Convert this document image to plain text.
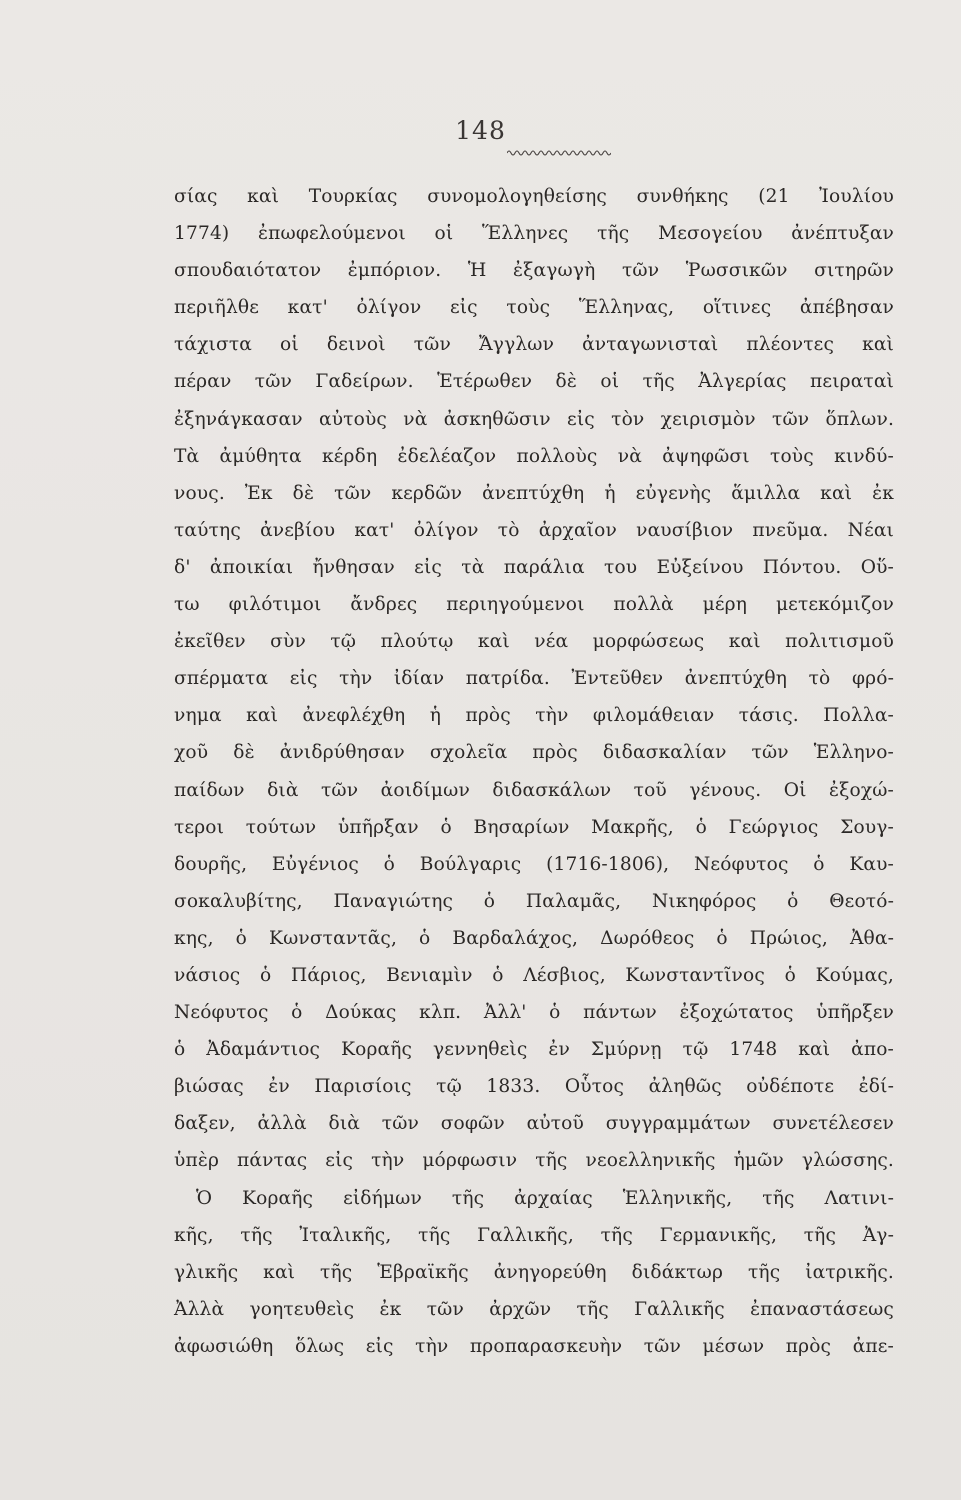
148
σίας καὶ Τουρκίας συνομολογηθείσης συνθήκης (21 Ἰουλίου
1774) ἐπωφελούμενοι οἱ Ἕλληνες τῆς Μεσογείου ἀνέπτυξαν
σπουδαιότατον ἐμπόριον. Ἡ ἐξαγωγὴ τῶν Ῥωσσικῶν σιτηρῶν
περιῆλθε κατ' ὀλίγον εἰς τοὺς Ἕλληνας, οἵτινες ἀπέβησαν
τάχιστα οἱ δεινοὶ τῶν Ἄγγλων ἀνταγωνισταὶ πλέοντες καὶ
πέραν τῶν Γαδείρων. Ἑτέρωθεν δὲ οἱ τῆς Ἀλγερίας πειραταὶ
ἐξηνάγκασαν αὐτοὺς νὰ ἀσκηθῶσιν εἰς τὸν χειρισμὸν τῶν ὅπλων.
Τὰ ἀμύθητα κέρδη ἐδελέαζον πολλοὺς νὰ ἀψηφῶσι τοὺς κινδύ-
νους. Ἐκ δὲ τῶν κερδῶν ἀνεπτύχθη ἡ εὐγενὴς ἅμιλλα καὶ ἐκ
ταύτης ἀνεβίου κατ' ὀλίγον τὸ ἀρχαῖον ναυσίβιον πνεῦμα. Νέαι
δ' ἀποικίαι ἤνθησαν εἰς τὰ παράλια του Εὐξείνου Πόντου. Οὕ-
τω φιλότιμοι ἄνδρες περιηγούμενοι πολλὰ μέρη μετεκόμιζον
ἐκεῖθεν σὺν τῷ πλούτῳ καὶ νέα μορφώσεως καὶ πολιτισμοῦ
σπέρματα εἰς τὴν ἰδίαν πατρίδα. Ἐντεῦθεν ἀνεπτύχθη τὸ φρό-
νημα καὶ ἀνεφλέχθη ἡ πρὸς τὴν φιλομάθειαν τάσις. Πολλα-
χοῦ δὲ ἀνιδρύθησαν σχολεῖα πρὸς διδασκαλίαν τῶν Ἑλληνο-
παίδων διὰ τῶν ἀοιδίμων διδασκάλων τοῦ γένους. Οἱ ἐξοχώ-
τεροι τούτων ὑπῆρξαν ὁ Βησαρίων Μακρῆς, ὁ Γεώργιος Σουγ-
δουρῆς, Εὐγένιος ὁ Βούλγαρις (1716-1806), Νεόφυτος ὁ Καυ-
σοκαλυβίτης, Παναγιώτης ὁ Παλαμᾶς, Νικηφόρος ὁ Θεοτό-
κης, ὁ Κωνσταντᾶς, ὁ Βαρδαλάχος, Δωρόθεος ὁ Πρώιος, Ἀθα-
νάσιος ὁ Πάριος, Βενιαμὶν ὁ Λέσβιος, Κωνσταντῖνος ὁ Κούμας,
Νεόφυτος ὁ Δούκας κλπ. Ἀλλ' ὁ πάντων ἐξοχώτατος ὑπῆρξεν
ὁ Ἀδαμάντιος Κοραῆς γεννηθεὶς ἐν Σμύρνῃ τῷ 1748 καὶ ἀπο-
βιώσας ἐν Παρισίοις τῷ 1833. Οὗτος ἀληθῶς οὐδέποτε ἐδί-
δαξεν, ἀλλὰ διὰ τῶν σοφῶν αὐτοῦ συγγραμμάτων συνετέλεσεν
ὑπὲρ πάντας εἰς τὴν μόρφωσιν τῆς νεοελληνικῆς ἡμῶν γλώσσης.
Ὁ Κοραῆς εἰδήμων τῆς ἀρχαίας Ἑλληνικῆς, τῆς Λατινι-
κῆς, τῆς Ἰταλικῆς, τῆς Γαλλικῆς, τῆς Γερμανικῆς, τῆς Ἀγ-
γλικῆς καὶ τῆς Ἑβραϊκῆς ἀνηγορεύθη διδάκτωρ τῆς ἰατρικῆς.
Ἀλλὰ γοητευθεὶς ἐκ τῶν ἀρχῶν τῆς Γαλλικῆς ἐπαναστάσεως
ἀφωσιώθη ὅλως εἰς τὴν προπαρασκευὴν τῶν μέσων πρὸς ἀπε-
